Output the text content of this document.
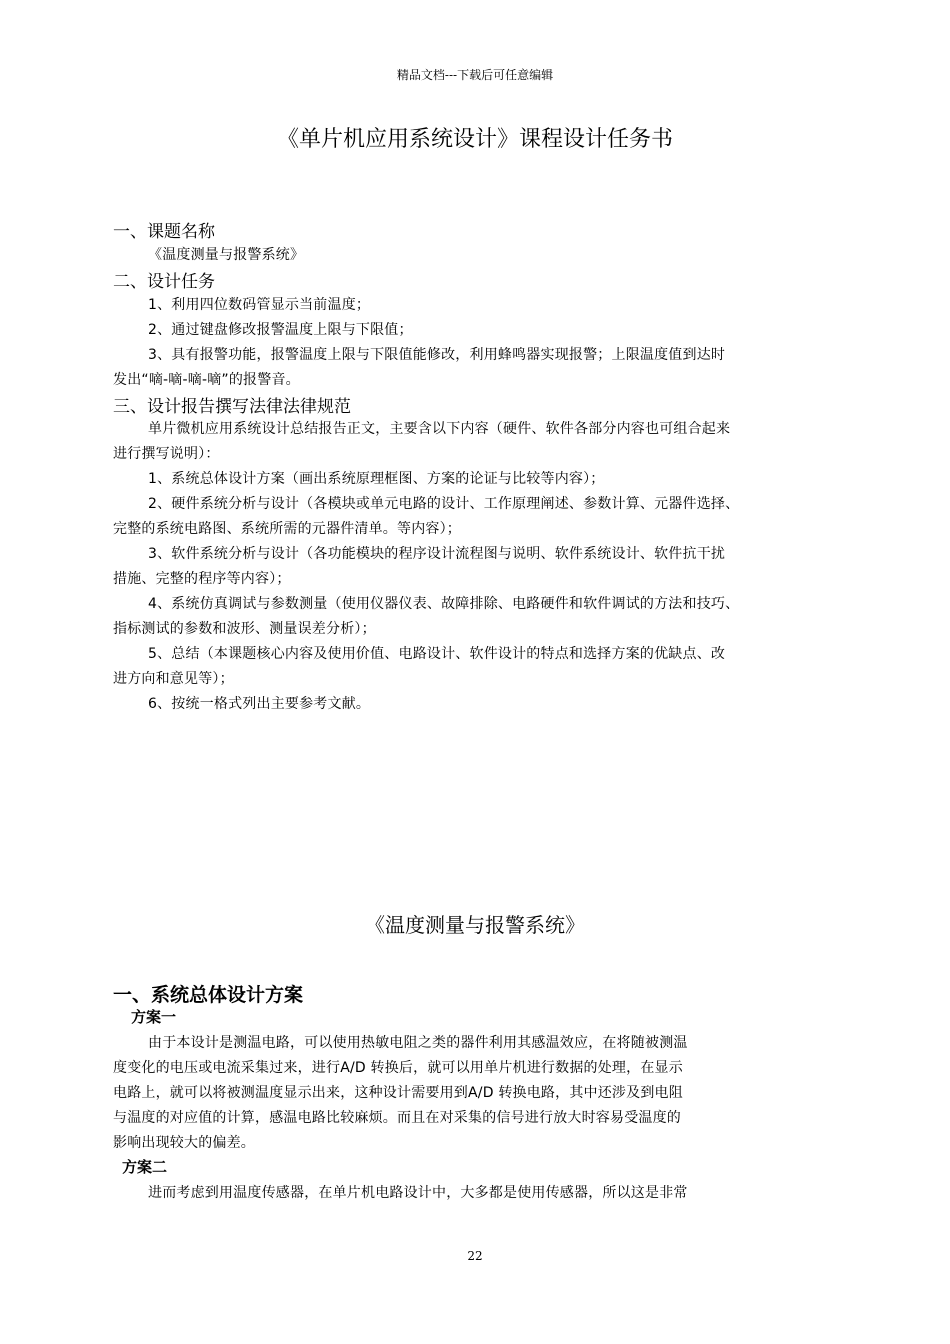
精品文档---下载后可任意编辑
《单片机应用系统设计》课程设计任务书
一、课题名称
《温度测量与报警系统》
二、设计任务
1、利用四位数码管显示当前温度；
2、通过键盘修改报警温度上限与下限值；
3、具有报警功能，报警温度上限与下限值能修改，利用蜂鸣器实现报警；上限温度值到达时
发出“嘀-嘀-嘀-嘀”的报警音。
三、设计报告撰写法律法律规范
单片微机应用系统设计总结报告正文，主要含以下内容（硬件、软件各部分内容也可组合起来
进行撰写说明）：
1、系统总体设计方案（画出系统原理框图、方案的论证与比较等内容）；
2、硬件系统分析与设计（各模块或单元电路的设计、工作原理阐述、参数计算、元器件选择、
完整的系统电路图、系统所需的元器件清单。等内容）；
3、软件系统分析与设计（各功能模块的程序设计流程图与说明、软件系统设计、软件抗干扰
措施、完整的程序等内容）；
4、系统仿真调试与参数测量（使用仪器仪表、故障排除、电路硬件和软件调试的方法和技巧、
指标测试的参数和波形、测量误差分析）；
5、总结（本课题核心内容及使用价值、电路设计、软件设计的特点和选择方案的优缺点、改
进方向和意见等）；
6、按统一格式列出主要参考文献。
《温度测量与报警系统》
一、系统总体设计方案
方案一
由于本设计是测温电路，可以使用热敏电阻之类的器件利用其感温效应，在将随被测温
度变化的电压或电流采集过来，进行A/D 转换后，就可以用单片机进行数据的处理，在显示
电路上，就可以将被测温度显示出来，这种设计需要用到A/D 转换电路，其中还涉及到电阻
与温度的对应值的计算，感温电路比较麻烦。而且在对采集的信号进行放大时容易受温度的
影响出现较大的偏差。
方案二
进而考虑到用温度传感器，在单片机电路设计中，大多都是使用传感器，所以这是非常
22
